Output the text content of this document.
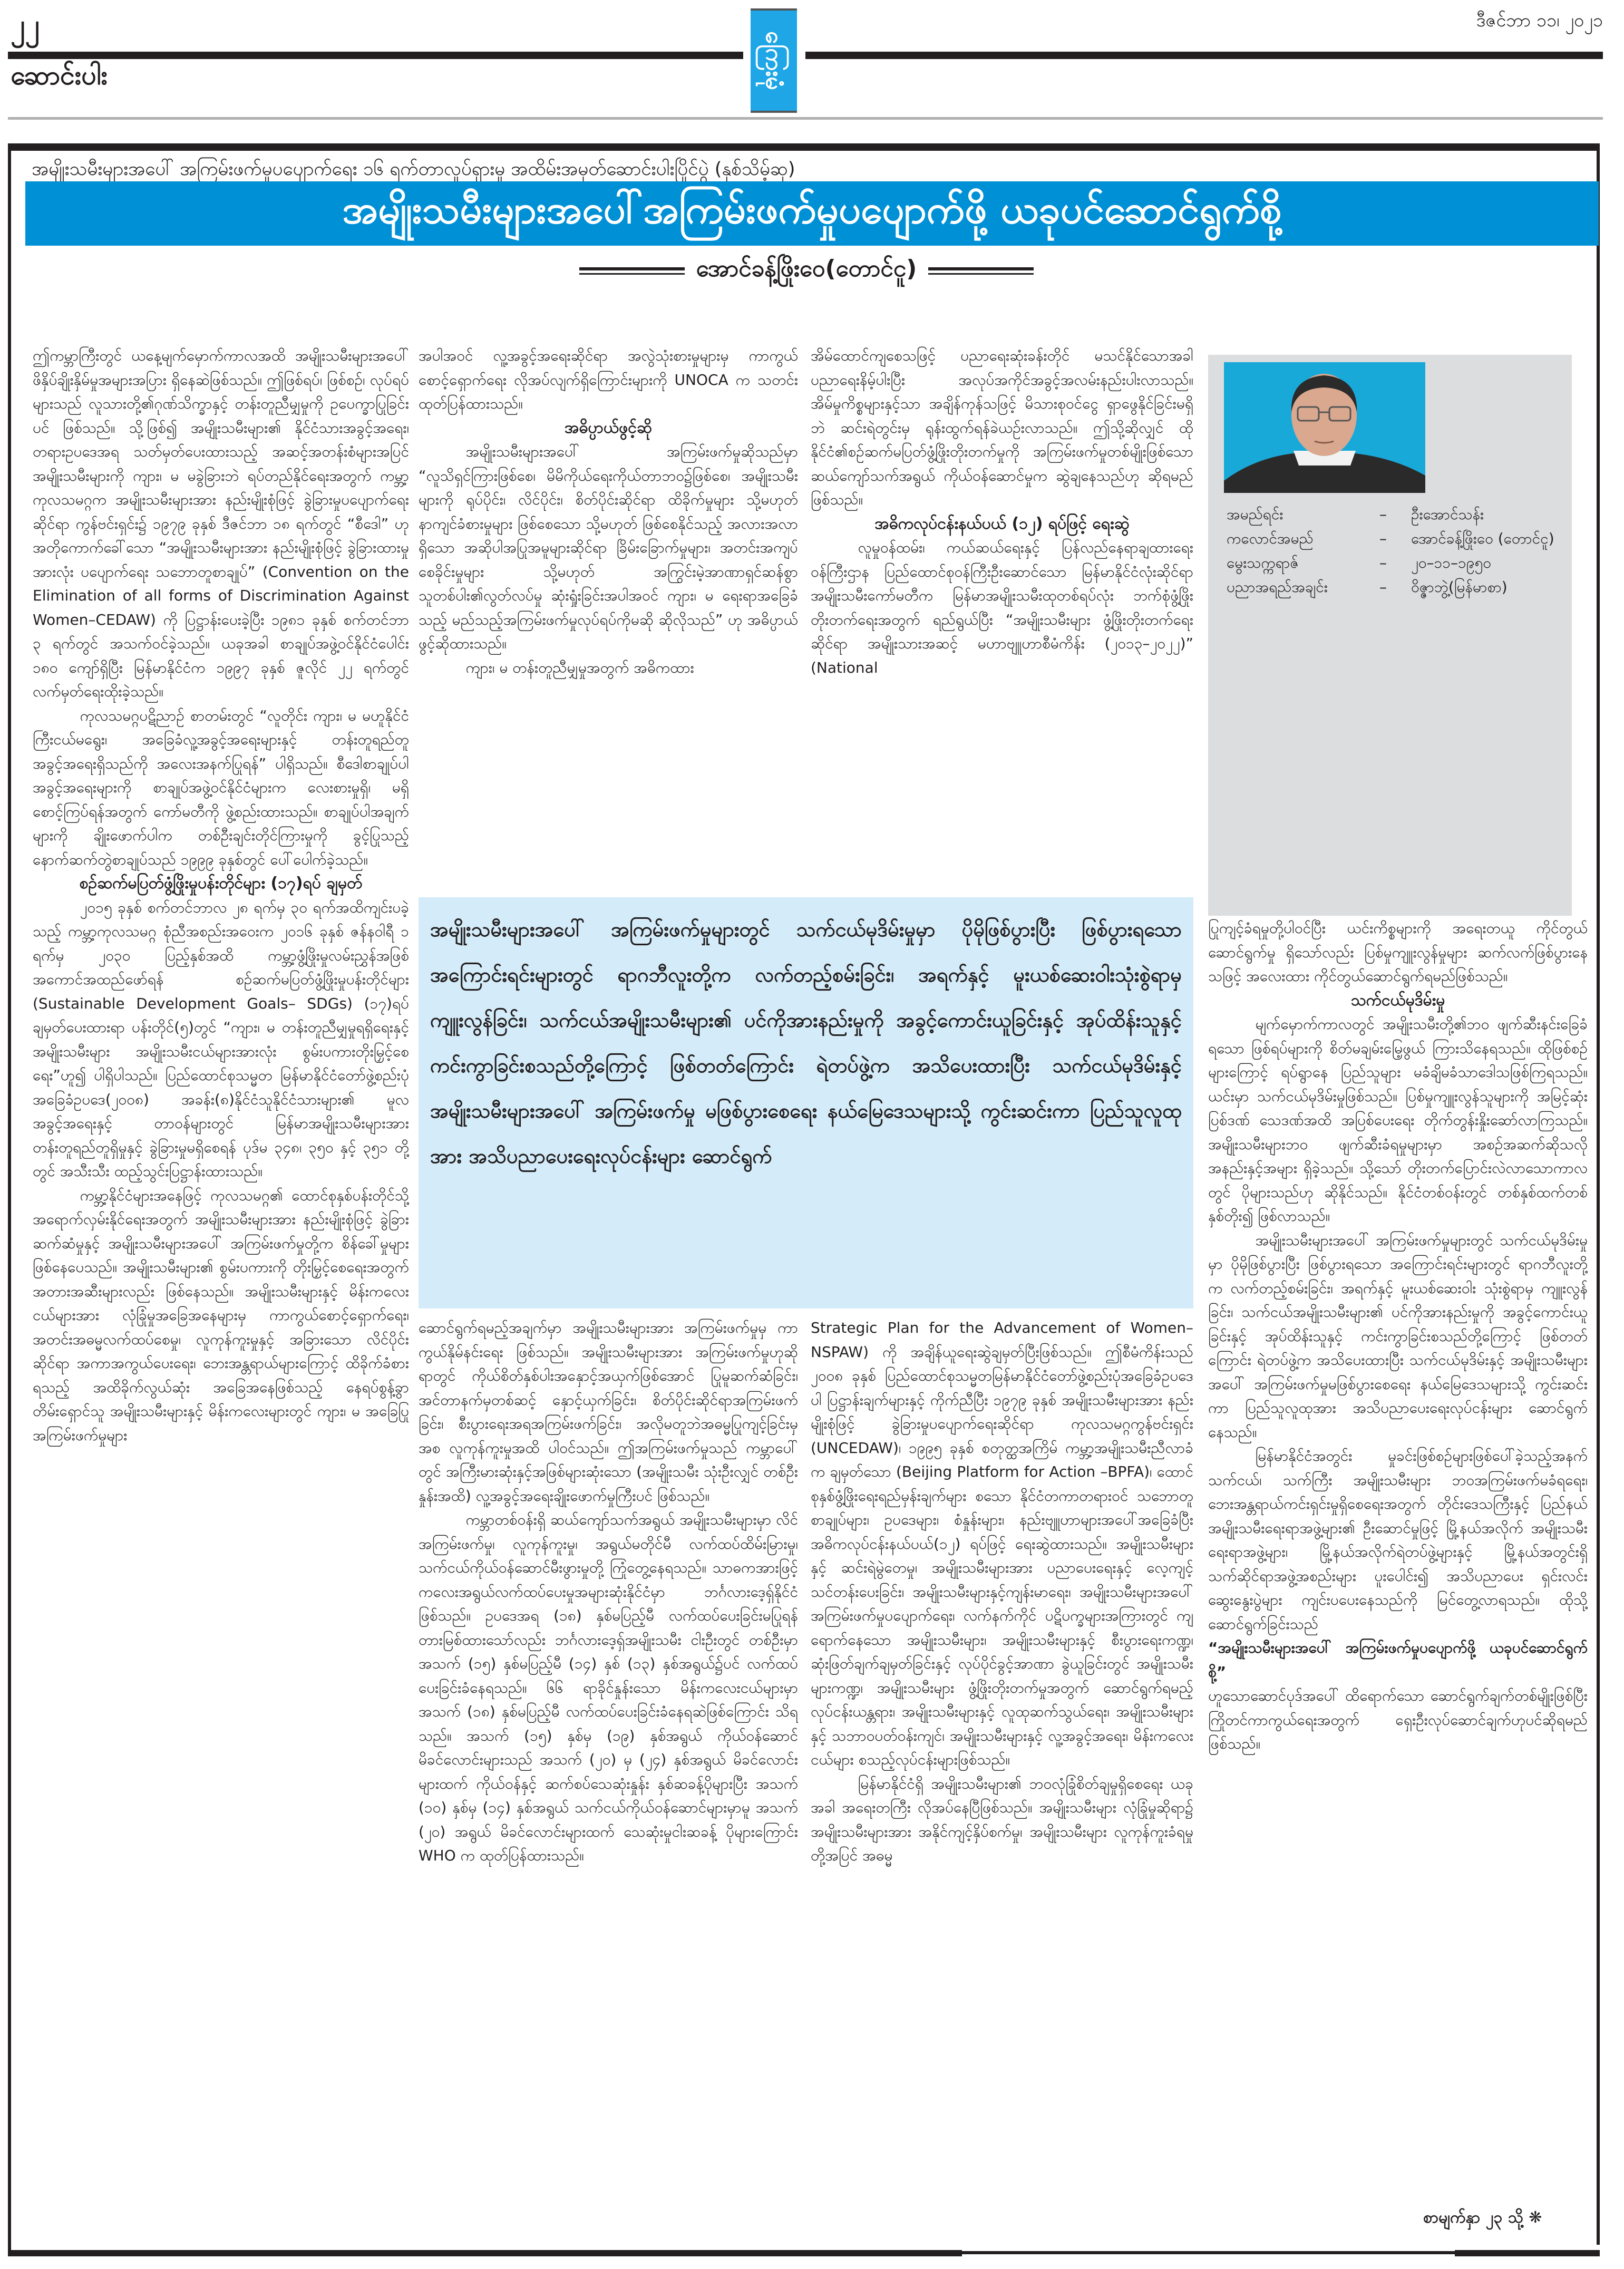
၂၂
ဆောင်းပါး
ဒီဇင်ဘာ ၁၁၊ ၂၀၂၁
ကြေးမုံ
အမျိုးသမီးများအပေါ် အကြမ်းဖက်မှုပပျောက်ရေး ၁၆ ရက်တာလှုပ်ရှားမှု အထိမ်းအမှတ်ဆောင်းပါးပြိုင်ပွဲ (နှစ်သိမ့်ဆု)
အမျိုးသမီးများအပေါ်အကြမ်းဖက်မှုပပျောက်ဖို့ ယခုပင်ဆောင်ရွက်စို့
အောင်ခန့်ဖြိုးဝေ(တောင်ငူ)

ဤကမ္ဘာကြီးတွင် ယနေ့မျက်မှောက်ကာလအထိ အမျိုးသမီးများအပေါ် ဖိနှိပ်ချိုးနှိမ်မှုအများအပြား ရှိနေဆဲဖြစ်သည်။ ဤဖြစ်ရပ်၊ ဖြစ်စဉ်၊ လုပ်ရပ်များသည် လူသားတို့၏ဂုဏ်သိက္ခာနှင့် တန်းတူညီမျှမှုကို ဥပေက္ခာပြုခြင်းပင် ဖြစ်သည်။ သို့ဖြစ်၍ အမျိုးသမီးများ၏ နိုင်ငံသားအခွင့်အရေး၊ တရားဥပဒေအရ သတ်မှတ်ပေးထားသည့် အဆင့်အတန်းစံများအပြင် အမျိုးသမီးများကို ကျား၊ မ မခွဲခြားဘဲ ရပ်တည်နိုင်ရေးအတွက် ကမ္ဘာ့ကုလသမဂ္ဂက အမျိုးသမီးများအား နည်းမျိုးစုံဖြင့် ခွဲခြားမှုပပျောက်ရေးဆိုင်ရာ ကွန်ဗင်းရှင်း၌ ၁၉၇၉ ခုနှစ် ဒီဇင်ဘာ ၁၈ ရက်တွင် “စီဒေါ” ဟု အတိုကောက်ခေါ်သော “အမျိုးသမီးများအား နည်းမျိုးစုံဖြင့် ခွဲခြားထားမှုအားလုံး ပပျောက်ရေး သဘောတူစာချုပ်” (Convention on the Elimination of all forms of Discrimination Against Women–CEDAW) ကို ပြဋ္ဌာန်းပေးခဲ့ပြီး ၁၉၈၁ ခုနှစ် စက်တင်ဘာ ၃ ရက်တွင် အသက်ဝင်ခဲ့သည်။ ယခုအခါ စာချုပ်အဖွဲ့ဝင်နိုင်ငံပေါင်း ၁၈၀ ကျော်ရှိပြီး မြန်မာနိုင်ငံက ၁၉၉၇ ခုနှစ် ဇူလိုင် ၂၂ ရက်တွင် လက်မှတ်ရေးထိုးခဲ့သည်။

ကုလသမဂ္ဂပဋိညာဉ် စာတမ်းတွင် “လူတိုင်း ကျား၊ မ မဟူနိုင်ငံကြီးငယ်မရွေး၊ အခြေခံလူ့အခွင့်အရေးများနှင့် တန်းတူရည်တူအခွင့်အရေးရှိသည်ကို အလေးအနက်ပြုရန်” ပါရှိသည်။ စီဒေါစာချုပ်ပါ အခွင့်အရေးများကို စာချုပ်အဖွဲ့ဝင်နိုင်ငံများက လေးစားမှုရှိ၊ မရှိ စောင့်ကြပ်ရန်အတွက် ကော်မတီကို ဖွဲ့စည်းထားသည်။ စာချုပ်ပါအချက်များကို ချိုးဖောက်ပါက တစ်ဦးချင်းတိုင်ကြားမှုကို ခွင့်ပြုသည့် နောက်ဆက်တွဲစာချုပ်သည် ၁၉၉၉ ခုနှစ်တွင် ပေါ်ပေါက်ခဲ့သည်။

စဉ်ဆက်မပြတ်ဖွံ့ဖြိုးမှုပန်းတိုင်များ (၁၇)ရပ် ချမှတ်

၂၀၁၅ ခုနှစ် စက်တင်ဘာလ ၂၈ ရက်မှ ၃၀ ရက်အထိကျင်းပခဲ့သည့် ကမ္ဘာ့ကုလသမဂ္ဂ စုံညီအစည်းအဝေးက ၂၀၁၆ ခုနှစ် ဇန်နဝါရီ ၁ ရက်မှ ၂၀၃၀ ပြည့်နှစ်အထိ ကမ္ဘာ့ဖွံ့ဖြိုးမှုလမ်းညွှန်အဖြစ် အကောင်အထည်ဖော်ရန် စဉ်ဆက်မပြတ်ဖွံ့ဖြိုးမှုပန်းတိုင်များ (Sustainable Development Goals– SDGs) (၁၇)ရပ် ချမှတ်ပေးထားရာ ပန်းတိုင်(၅)တွင် “ကျား၊ မ တန်းတူညီမျှမှုရရှိရေးနှင့် အမျိုးသမီးများ အမျိုးသမီးငယ်များအားလုံး စွမ်းပကားတိုးမြှင့်စေရေး”ဟူ၍ ပါရှိပါသည်။ ပြည်ထောင်စုသမ္မတ မြန်မာနိုင်ငံတော်ဖွဲ့စည်းပုံအခြေခံဥပဒေ(၂၀၀၈) အခန်း(၈)နိုင်ငံသူနိုင်ငံသားများ၏ မူလအခွင့်အရေးနှင့် တာဝန်များတွင် မြန်မာအမျိုးသမီးများအား တန်းတူရည်တူရှိမှုနှင့် ခွဲခြားမှုမရှိစေရန် ပုဒ်မ ၃၄၈၊ ၃၅၀ နှင့် ၃၅၁ တို့တွင် အသီးသီး ထည့်သွင်းပြဋ္ဌာန်းထားသည်။

ကမ္ဘာ့နိုင်ငံများအနေဖြင့် ကုလသမဂ္ဂ၏ ထောင်စုနှစ်ပန်းတိုင်သို့ အရောက်လှမ်းနိုင်ရေးအတွက် အမျိုးသမီးများအား နည်းမျိုးစုံဖြင့် ခွဲခြားဆက်ဆံမှုနှင့် အမျိုးသမီးများအပေါ် အကြမ်းဖက်မှုတို့က စိန်ခေါ်မှုများဖြစ်နေပေသည်။ အမျိုးသမီးများ၏ စွမ်းပကားကို တိုးမြှင့်စေရေးအတွက် အတားအဆီးများလည်း ဖြစ်နေသည်။ အမျိုးသမီးများနှင့် မိန်းကလေးငယ်များအား လုံခြုံမှုအခြေအနေများမှ ကာကွယ်စောင့်ရှောက်ရေး၊ အတင်းအဓမ္မလက်ထပ်စေမှု၊ လူကုန်ကူးမှုနှင့် အခြားသော လိင်ပိုင်းဆိုင်ရာ အကာအကွယ်ပေးရေး၊ ဘေးအန္တရာယ်များကြောင့် ထိခိုက်ခံစားရသည့် အထိခိုက်လွယ်ဆုံး အခြေအနေဖြစ်သည့် နေရပ်စွန့်ခွာတိမ်းရှောင်သူ အမျိုးသမီးများနှင့် မိန်းကလေးများတွင် ကျား၊ မ အခြေပြုအကြမ်းဖက်မှုများ

အပါအဝင် လူ့အခွင့်အရေးဆိုင်ရာ အလွဲသုံးစားမှုများမှ ကာကွယ်စောင့်ရှောက်ရေး လိုအပ်လျက်ရှိကြောင်းများကို UNOCA က သတင်းထုတ်ပြန်ထားသည်။

အဓိပ္ပာယ်ဖွင့်ဆို

အမျိုးသမီးများအပေါ် အကြမ်းဖက်မှုဆိုသည်မှာ “လူသိရှင်ကြားဖြစ်စေ၊ မိမိကိုယ်ရေးကိုယ်တာဘဝ၌ဖြစ်စေ၊ အမျိုးသမီးများကို ရုပ်ပိုင်း၊ လိင်ပိုင်း၊ စိတ်ပိုင်းဆိုင်ရာ ထိခိုက်မှုများ သို့မဟုတ် နာကျင်ခံစားမှုများ ဖြစ်စေသော သို့မဟုတ် ဖြစ်စေနိုင်သည့် အလားအလာရှိသော အဆိုပါအပြုအမူများဆိုင်ရာ ခြိမ်းခြောက်မှုများ၊ အတင်းအကျပ်စေခိုင်းမှုများ သို့မဟုတ် အကြွင်းမဲ့အာဏာရှင်ဆန်စွာ သူတစ်ပါး၏လွတ်လပ်မှု ဆုံးရှုံးခြင်းအပါအဝင် ကျား၊ မ ရေးရာအခြေခံသည့် မည်သည့်အကြမ်းဖက်မှုလုပ်ရပ်ကိုမဆို ဆိုလိုသည်” ဟု အဓိပ္ပာယ်ဖွင့်ဆိုထားသည်။

ကျား၊ မ တန်းတူညီမျှမှုအတွက် အဓိကထား

အိမ်ထောင်ကျစေသဖြင့် ပညာရေးဆုံးခန်းတိုင် မသင်နိုင်သောအခါ ပညာရေးနိမ့်ပါးပြီး အလုပ်အကိုင်အခွင့်အလမ်းနည်းပါးလာသည်။ အိမ်မှုကိစ္စများနှင့်သာ အချိန်ကုန်သဖြင့် မိသားစုဝင်ငွေ ရှာဖွေနိုင်ခြင်းမရှိဘဲ ဆင်းရဲတွင်းမှ ရုန်းထွက်ရန်ခဲယဉ်းလာသည်။ ဤသို့ဆိုလျှင် ထိုနိုင်ငံ၏စဉ်ဆက်မပြတ်ဖွံ့ဖြိုးတိုးတက်မှုကို အကြမ်းဖက်မှုတစ်မျိုးဖြစ်သော ဆယ်ကျော်သက်အရွယ် ကိုယ်ဝန်ဆောင်မှုက ဆွဲချနေသည်ဟု ဆိုရမည်ဖြစ်သည်။

အဓိကလုပ်ငန်းနယ်ပယ် (၁၂) ရပ်ဖြင့် ရေးဆွဲ

လူမှုဝန်ထမ်း၊ ကယ်ဆယ်ရေးနှင့် ပြန်လည်နေရာချထားရေးဝန်ကြီးဌာန ပြည်ထောင်စုဝန်ကြီးဦးဆောင်သော မြန်မာနိုင်ငံလုံးဆိုင်ရာ အမျိုးသမီးကော်မတီက မြန်မာအမျိုးသမီးထုတစ်ရပ်လုံး ဘက်စုံဖွံ့ဖြိုးတိုးတက်ရေးအတွက် ရည်ရွယ်ပြီး “အမျိုးသမီးများ ဖွံ့ဖြိုးတိုးတက်ရေးဆိုင်ရာ အမျိုးသားအဆင့် မဟာဗျူဟာစီမံကိန်း (၂၀၁၃–၂၀၂၂)” (National

အမျိုးသမီးများအပေါ် အကြမ်းဖက်မှုများတွင် သက်ငယ်မုဒိမ်းမှုမှာ ပိုမိုဖြစ်ပွားပြီး ဖြစ်ပွားရသောအကြောင်းရင်းများတွင် ရာဂဘီလူးတို့က လက်တည့်စမ်းခြင်း၊ အရက်နှင့် မူးယစ်ဆေးဝါးသုံးစွဲရာမှ ကျူးလွန်ခြင်း၊ သက်ငယ်အမျိုးသမီးများ၏ ပင်ကိုအားနည်းမှုကို အခွင့်ကောင်းယူခြင်းနှင့် အုပ်ထိန်းသူနှင့် ကင်းကွာခြင်းစသည်တို့ကြောင့် ဖြစ်တတ်ကြောင်း ရဲတပ်ဖွဲ့က အသိပေးထားပြီး သက်ငယ်မုဒိမ်းနှင့် အမျိုးသမီးများအပေါ် အကြမ်းဖက်မှု မဖြစ်ပွားစေရေး နယ်မြေဒေသများသို့ ကွင်းဆင်းကာ ပြည်သူလူထုအား အသိပညာပေးရေးလုပ်ငန်းများ ဆောင်ရွက်

ဆောင်ရွက်ရမည့်အချက်မှာ အမျိုးသမီးများအား အကြမ်းဖက်မှုမှ ကာကွယ်နိုမ်နင်းရေး ဖြစ်သည်။ အမျိုးသမီးများအား အကြမ်းဖက်မှုဟုဆိုရာတွင် ကိုယ်စိတ်နှစ်ပါးအနှောင့်အယှက်ဖြစ်အောင် ပြုမူဆက်ဆံခြင်း၊ အင်တာနက်မှတစ်ဆင့် နှောင့်ယှက်ခြင်း၊ စိတ်ပိုင်းဆိုင်ရာအကြမ်းဖက်ခြင်း၊ စီးပွားရေးအရအကြမ်းဖက်ခြင်း၊ အလိုမတူဘဲအဓမ္မပြုကျင့်ခြင်းမှအစ လူကုန်ကူးမှုအထိ ပါဝင်သည်။ ဤအကြမ်းဖက်မှုသည် ကမ္ဘာပေါ်တွင် အကြီးမားဆုံးနှင့်အဖြစ်များဆုံးသော (အမျိုးသမီး သုံးဦးလျှင် တစ်ဦးနှုန်းအထိ) လူ့အခွင့်အရေးချိုးဖောက်မှုကြီးပင် ဖြစ်သည်။

ကမ္ဘာတစ်ဝန်းရှိ ဆယ်ကျော်သက်အရွယ် အမျိုးသမီးများမှာ လိင်အကြမ်းဖက်မှု၊ လူကုန်ကူးမှု၊ အရွယ်မတိုင်မီ လက်ထပ်ထိမ်းမြားမှု၊ သက်ငယ်ကိုယ်ဝန်ဆောင်မီးဖွားမှုတို့ ကြုံတွေ့နေရသည်။ သာဓကအားဖြင့် ကလေးအရွယ်လက်ထပ်ပေးမှုအများဆုံးနိုင်ငံမှာ ဘင်္ဂလားဒေ့ရှ်နိုင်ငံ ဖြစ်သည်။ ဥပဒေအရ (၁၈) နှစ်မပြည့်မီ လက်ထပ်ပေးခြင်းမပြုရန်တားမြစ်ထားသော်လည်း ဘင်္ဂလားဒေ့ရှ်အမျိုးသမီး ငါးဦးတွင် တစ်ဦးမှာ အသက် (၁၅) နှစ်မပြည့်မီ (၁၄) နှစ် (၁၃) နှစ်အရွယ်၌ပင် လက်ထပ်ပေးခြင်းခံနေရသည်။ ၆၆ ရာခိုင်နှုန်းသော မိန်းကလေးငယ်များမှာ အသက် (၁၈) နှစ်မပြည့်မီ လက်ထပ်ပေးခြင်းခံနေရဆဲဖြစ်ကြောင်း သိရသည်။ အသက် (၁၅) နှစ်မှ (၁၉) နှစ်အရွယ် ကိုယ်ဝန်ဆောင်မိခင်လောင်းများသည် အသက် (၂၀) မှ (၂၄) နှစ်အရွယ် မိခင်လောင်းများထက် ကိုယ်ဝန်နှင့် ဆက်စပ်သေဆုံးနှုန်း နှစ်ဆခန့်ပိုများပြီး အသက် (၁၀) နှစ်မှ (၁၄) နှစ်အရွယ် သက်ငယ်ကိုယ်ဝန်ဆောင်များမှာမူ အသက် (၂၀) အရွယ် မိခင်လောင်းများထက် သေဆုံးမှုငါးဆခန့် ပိုများကြောင်း WHO က ထုတ်ပြန်ထားသည်။

Strategic Plan for the Advancement of Women–NSPAW) ကို အချိန်ယူရေးဆွဲချမှတ်ပြီးဖြစ်သည်။ ဤစီမံကိန်းသည် ၂၀၀၈ ခုနှစ် ပြည်ထောင်စုသမ္မတမြန်မာနိုင်ငံတော်ဖွဲ့စည်းပုံအခြေခံဥပဒေပါ ပြဋ္ဌာန်းချက်များနှင့် ကိုက်ညီပြီး ၁၉၇၉ ခုနှစ် အမျိုးသမီးများအား နည်းမျိုးစုံဖြင့် ခွဲခြားမှုပပျောက်ရေးဆိုင်ရာ ကုလသမဂ္ဂကွန်ဗင်းရှင်း (UNCEDAW)၊ ၁၉၉၅ ခုနှစ် စတုတ္ထအကြိမ် ကမ္ဘာ့အမျိုးသမီးညီလာခံက ချမှတ်သော (Beijing Platform for Action –BPFA)၊ ထောင်စုနှစ်ဖွံ့ဖြိုးရေးရည်မှန်းချက်များ စသော နိုင်ငံတကာတရားဝင် သဘောတူစာချုပ်များ၊ ဥပဒေများ၊ စံနှုန်းများ၊ နည်းဗျူဟာများအပေါ်အခြေခံပြီး အဓိကလုပ်ငန်းနယ်ပယ်(၁၂) ရပ်ဖြင့် ရေးဆွဲထားသည်။ အမျိုးသမီးများနှင့် ဆင်းရဲမွဲတေမှု၊ အမျိုးသမီးများအား ပညာပေးရေးနှင့် လေ့ကျင့်သင်တန်းပေးခြင်း၊ အမျိုးသမီးများနှင့်ကျန်းမာရေး၊ အမျိုးသမီးများအပေါ် အကြမ်းဖက်မှုပပျောက်ရေး၊ လက်နက်ကိုင် ပဋိပက္ခများအကြားတွင် ကျရောက်နေသော အမျိုးသမီးများ၊ အမျိုးသမီးများနှင့် စီးပွားရေးကဏ္ဍ၊ ဆုံးဖြတ်ချက်ချမှတ်ခြင်းနှင့် လုပ်ပိုင်ခွင့်အာဏာ ခွဲယူခြင်းတွင် အမျိုးသမီးများကဏ္ဍ၊ အမျိုးသမီးများ ဖွံ့ဖြိုးတိုးတက်မှုအတွက် ဆောင်ရွက်ရမည့်လုပ်ငန်းယန္တရား၊ အမျိုးသမီးများနှင့် လူထုဆက်သွယ်ရေး၊ အမျိုးသမီးများနှင့် သဘာဝပတ်ဝန်းကျင်၊ အမျိုးသမီးများနှင့် လူ့အခွင့်အရေး၊ မိန်းကလေးငယ်များ စသည့်လုပ်ငန်းများဖြစ်သည်။

မြန်မာနိုင်ငံရှိ အမျိုးသမီးများ၏ ဘဝလုံခြုံစိတ်ချမှုရှိစေရေး ယခုအခါ အရေးတကြီး လိုအပ်နေပြီဖြစ်သည်။ အမျိုးသမီးများ လုံခြုံမှုဆိုရာ၌ အမျိုးသမီးများအား အနိုင်ကျင့်နှိပ်စက်မှု၊ အမျိုးသမီးများ လူကုန်ကူးခံရမှုတို့အပြင် အဓမ္မ

အမည်ရင်း	–	ဦးအောင်သန်း
ကလောင်အမည်	–	အောင်ခန့်ဖြိုးဝေ (တောင်ငူ)
မွေးသက္ကရာဇ်	–	၂၀–၁၁–၁၉၅၀
ပညာအရည်အချင်း	–	ဝိဇ္ဇာဘွဲ့(မြန်မာစာ)

ပြုကျင့်ခံရမှုတို့ပါဝင်ပြီး ယင်းကိစ္စများကို အရေးတယူ ကိုင်တွယ်ဆောင်ရွက်မှု ရှိသော်လည်း ပြစ်မှုကျူးလွန်မှုများ ဆက်လက်ဖြစ်ပွားနေသဖြင့် အလေးထား ကိုင်တွယ်ဆောင်ရွက်ရမည်ဖြစ်သည်။

သက်ငယ်မုဒိမ်းမှု

မျက်မှောက်ကာလတွင် အမျိုးသမီးတို့၏ဘဝ ဖျက်ဆီးနင်းခြေခံရသော ဖြစ်ရပ်များကို စိတ်မချမ်းမြေ့ဖွယ် ကြားသိနေရသည်။ ထိုဖြစ်စဉ်များကြောင့် ရပ်ရွာနေ ပြည်သူများ မခံချိမခံသာဒေါသဖြစ်ကြရသည်။ ယင်းမှာ သက်ငယ်မုဒိမ်းမှုဖြစ်သည်။ ပြစ်မှုကျူးလွန်သူများကို အမြင့်ဆုံးပြစ်ဒဏ် သေဒဏ်အထိ အပြစ်ပေးရေး တိုက်တွန်းနှိုးဆော်လာကြသည်။ အမျိုးသမီးများဘဝ ဖျက်ဆီးခံရမှုများမှာ အစဉ်အဆက်ဆိုသလို အနည်းနှင့်အများ ရှိခဲ့သည်။ သို့သော် တိုးတက်ပြောင်းလဲလာသောကာလတွင် ပိုများသည်ဟု ဆိုနိုင်သည်။ နိုင်ငံတစ်ဝန်းတွင် တစ်နှစ်ထက်တစ်နှစ်တိုး၍ ဖြစ်လာသည်။

အမျိုးသမီးများအပေါ် အကြမ်းဖက်မှုများတွင် သက်ငယ်မုဒိမ်းမှုမှာ ပိုမိုဖြစ်ပွားပြီး ဖြစ်ပွားရသော အကြောင်းရင်းများတွင် ရာဂဘီလူးတို့က လက်တည့်စမ်းခြင်း၊ အရက်နှင့် မူးယစ်ဆေးဝါး သုံးစွဲရာမှ ကျူးလွန်ခြင်း၊ သက်ငယ်အမျိုးသမီးများ၏ ပင်ကိုအားနည်းမှုကို အခွင့်ကောင်းယူခြင်းနှင့် အုပ်ထိန်းသူနှင့် ကင်းကွာခြင်းစသည်တို့ကြောင့် ဖြစ်တတ်ကြောင်း ရဲတပ်ဖွဲ့က အသိပေးထားပြီး သက်ငယ်မုဒိမ်းနှင့် အမျိုးသမီးများအပေါ် အကြမ်းဖက်မှုမဖြစ်ပွားစေရေး နယ်မြေဒေသများသို့ ကွင်းဆင်းကာ ပြည်သူလူထုအား အသိပညာပေးရေးလုပ်ငန်းများ ဆောင်ရွက်နေသည်။

မြန်မာနိုင်ငံအတွင်း မှုခင်းဖြစ်စဉ်များဖြစ်ပေါ်ခဲ့သည့်အနက် သက်ငယ်၊ သက်ကြီး အမျိုးသမီးများ ဘဝအကြမ်းဖက်မခံရရေး၊ ဘေးအန္တရာယ်ကင်းရှင်းမှုရှိစေရေးအတွက် တိုင်းဒေသကြီးနှင့် ပြည်နယ်အမျိုးသမီးရေးရာအဖွဲ့များ၏ ဦးဆောင်မှုဖြင့် မြို့နယ်အလိုက် အမျိုးသမီးရေးရာအဖွဲ့များ၊ မြို့နယ်အလိုက်ရဲတပ်ဖွဲ့များနှင့် မြို့နယ်အတွင်းရှိ သက်ဆိုင်ရာအဖွဲ့အစည်းများ ပူးပေါင်း၍ အသိပညာပေး ရှင်းလင်းဆွေးနွေးပွဲများ ကျင်းပပေးနေသည်ကို မြင်တွေ့လာရသည်။ ထိုသို့ဆောင်ရွက်ခြင်းသည်

“အမျိုးသမီးများအပေါ် အကြမ်းဖက်မှုပပျောက်ဖို့ ယခုပင်ဆောင်ရွက်စို့”

ဟူသောဆောင်ပုဒ်အပေါ် ထိရောက်သော ဆောင်ရွက်ချက်တစ်မျိုးဖြစ်ပြီး ကြိုတင်ကာကွယ်ရေးအတွက် ရှေးဦးလုပ်ဆောင်ချက်ဟုပင်ဆိုရမည် ဖြစ်သည်။

စာမျက်နှာ ၂၃ သို့ ❋
